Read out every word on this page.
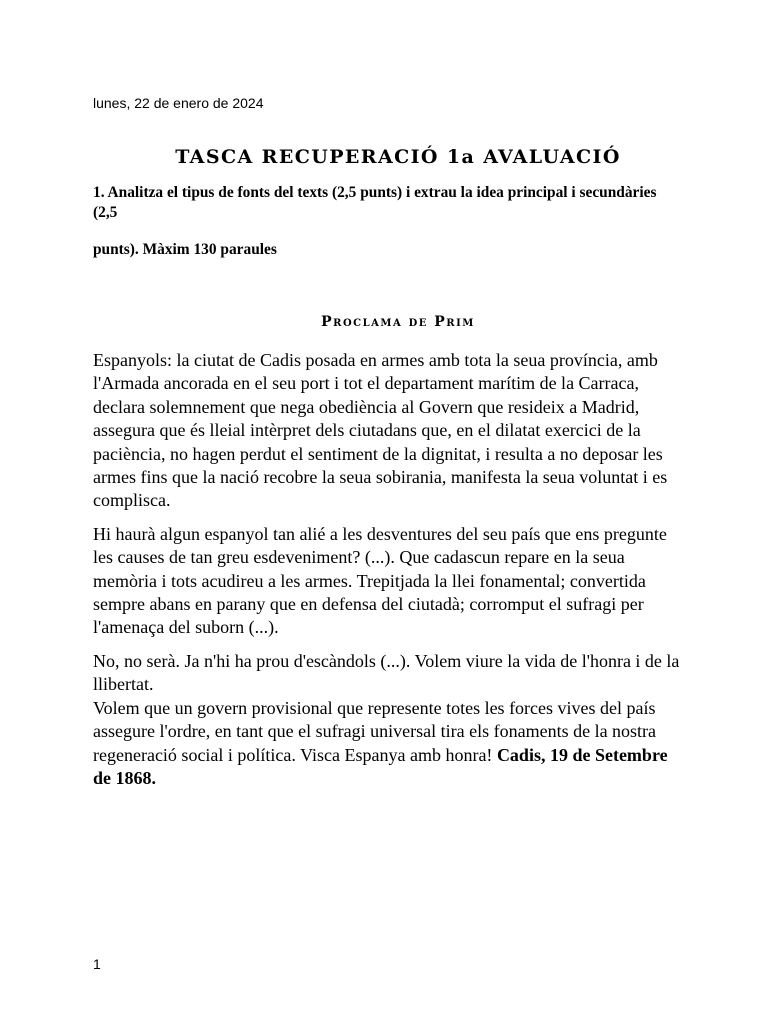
lunes, 22 de enero de 2024
TASCA RECUPERACIÓ 1a AVALUACIÓ

1. Analitza el tipus de fonts del texts (2,5 punts) i extrau la idea principal i secundàries (2,5

punts). Màxim 130 paraules

Proclama de Prim

Espanyols: la ciutat de Cadis posada en armes amb tota la seua província, amb l'Armada ancorada en el seu port i tot el departament marítim de la Carraca, declara solemnement que nega obediència al Govern que resideix a Madrid, assegura que és lleial intèrpret dels ciutadans que, en el dilatat exercici de la paciència, no hagen perdut el sentiment de la dignitat, i resulta a no deposar les armes fins que la nació recobre la seua sobirania, manifesta la seua voluntat i es complisca.

Hi haurà algun espanyol tan alié a les desventures del seu país que ens pregunte les causes de tan greu esdeveniment? (...). Que cadascun repare en la seua memòria i tots acudireu a les armes. Trepitjada la llei fonamental; convertida sempre abans en parany que en defensa del ciutadà; corromput el sufragi per l'amenaça del suborn (...).

No, no serà. Ja n'hi ha prou d'escàndols (...). Volem viure la vida de l'honra i de la llibertat.

Volem que un govern provisional que represente totes les forces vives del país assegure l'ordre, en tant que el sufragi universal tira els fonaments de la nostra regeneració social i política. Visca Espanya amb honra! Cadis, 19 de Setembre de 1868.

1
